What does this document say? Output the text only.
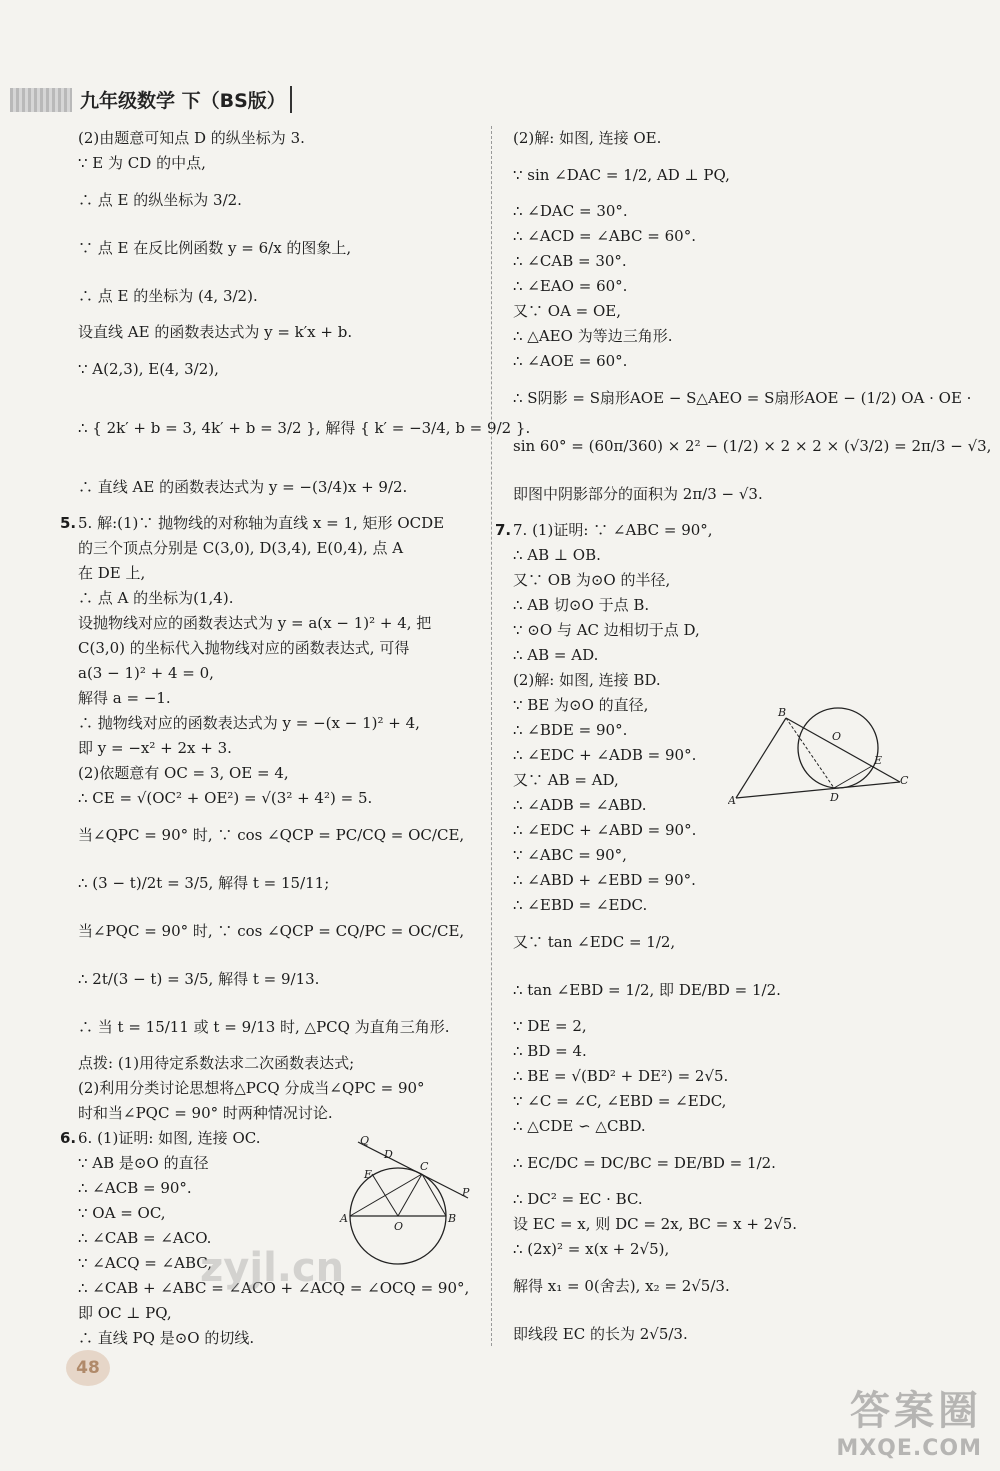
九年级数学 下（BS版）
(2)由题意可知点 D 的纵坐标为 3.
∵ E 为 CD 的中点,
∴ 点 E 的纵坐标为 3/2.
∵ 点 E 在反比例函数 y = 6/x 的图象上,
∴ 点 E 的坐标为 (4, 3/2).
设直线 AE 的函数表达式为 y = k′x + b.
∵ A(2,3), E(4, 3/2),
∴ { 2k′ + b = 3, 4k′ + b = 3/2 }, 解得 { k′ = −3/4, b = 9/2 }.
∴ 直线 AE 的函数表达式为 y = −(3/4)x + 9/2.
5. 5. 解:(1)∵ 抛物线的对称轴为直线 x = 1, 矩形 OCDE
的三个顶点分别是 C(3,0), D(3,4), E(0,4), 点 A
在 DE 上,
∴ 点 A 的坐标为(1,4).
设抛物线对应的函数表达式为 y = a(x − 1)² + 4, 把
C(3,0) 的坐标代入抛物线对应的函数表达式, 可得
a(3 − 1)² + 4 = 0,
解得 a = −1.
∴ 抛物线对应的函数表达式为 y = −(x − 1)² + 4,
即 y = −x² + 2x + 3.
(2)依题意有 OC = 3, OE = 4,
∴ CE = √(OC² + OE²) = √(3² + 4²) = 5.
当∠QPC = 90° 时, ∵ cos ∠QCP = PC/CQ = OC/CE,
∴ (3 − t)/2t = 3/5, 解得 t = 15/11;
当∠PQC = 90° 时, ∵ cos ∠QCP = CQ/PC = OC/CE,
∴ 2t/(3 − t) = 3/5, 解得 t = 9/13.
∴ 当 t = 15/11 或 t = 9/13 时, △PCQ 为直角三角形.
点拨: (1)用待定系数法求二次函数表达式;
(2)利用分类讨论思想将△PCQ 分成当∠QPC = 90°
时和当∠PQC = 90° 时两种情况讨论.
6. 6. (1)证明: 如图, 连接 OC.
∵ AB 是⊙O 的直径
∴ ∠ACB = 90°.
∵ OA = OC,
∴ ∠CAB = ∠ACO.
∵ ∠ACQ = ∠ABC,
∴ ∠CAB + ∠ABC = ∠ACO + ∠ACQ = ∠OCQ = 90°,
即 OC ⊥ PQ,
∴ 直线 PQ 是⊙O 的切线.
Q
D
E
C
P
A
O
B
(2)解: 如图, 连接 OE.
∵ sin ∠DAC = 1/2, AD ⊥ PQ,
∴ ∠DAC = 30°.
∴ ∠ACD = ∠ABC = 60°.
∴ ∠CAB = 30°.
∴ ∠EAO = 60°.
又∵ OA = OE,
∴ △AEO 为等边三角形.
∴ ∠AOE = 60°.
∴ S阴影 = S扇形AOE − S△AEO = S扇形AOE − (1/2) OA · OE ·
sin 60° = (60π/360) × 2² − (1/2) × 2 × 2 × (√3/2) = 2π/3 − √3,
即图中阴影部分的面积为 2π/3 − √3.
7. 7. (1)证明: ∵ ∠ABC = 90°,
∴ AB ⊥ OB.
又∵ OB 为⊙O 的半径,
∴ AB 切⊙O 于点 B.
∵ ⊙O 与 AC 边相切于点 D,
∴ AB = AD.
(2)解: 如图, 连接 BD.
∵ BE 为⊙O 的直径,
∴ ∠BDE = 90°.
∴ ∠EDC + ∠ADB = 90°.
又∵ AB = AD,
∴ ∠ADB = ∠ABD.
∴ ∠EDC + ∠ABD = 90°.
∵ ∠ABC = 90°,
∴ ∠ABD + ∠EBD = 90°.
∴ ∠EBD = ∠EDC.
又∵ tan ∠EDC = 1/2,
∴ tan ∠EBD = 1/2, 即 DE/BD = 1/2.
∵ DE = 2,
∴ BD = 4.
∴ BE = √(BD² + DE²) = 2√5.
∵ ∠C = ∠C, ∠EBD = ∠EDC,
∴ △CDE ∽ △CBD.
∴ EC/DC = DC/BC = DE/BD = 1/2.
∴ DC² = EC · BC.
设 EC = x, 则 DC = 2x, BC = x + 2√5.
∴ (2x)² = x(x + 2√5),
解得 x₁ = 0(舍去), x₂ = 2√5/3.
即线段 EC 的长为 2√5/3.
B
O
E
C
A	D
48
zyjl.cn
答案圈
MXQE.COM
